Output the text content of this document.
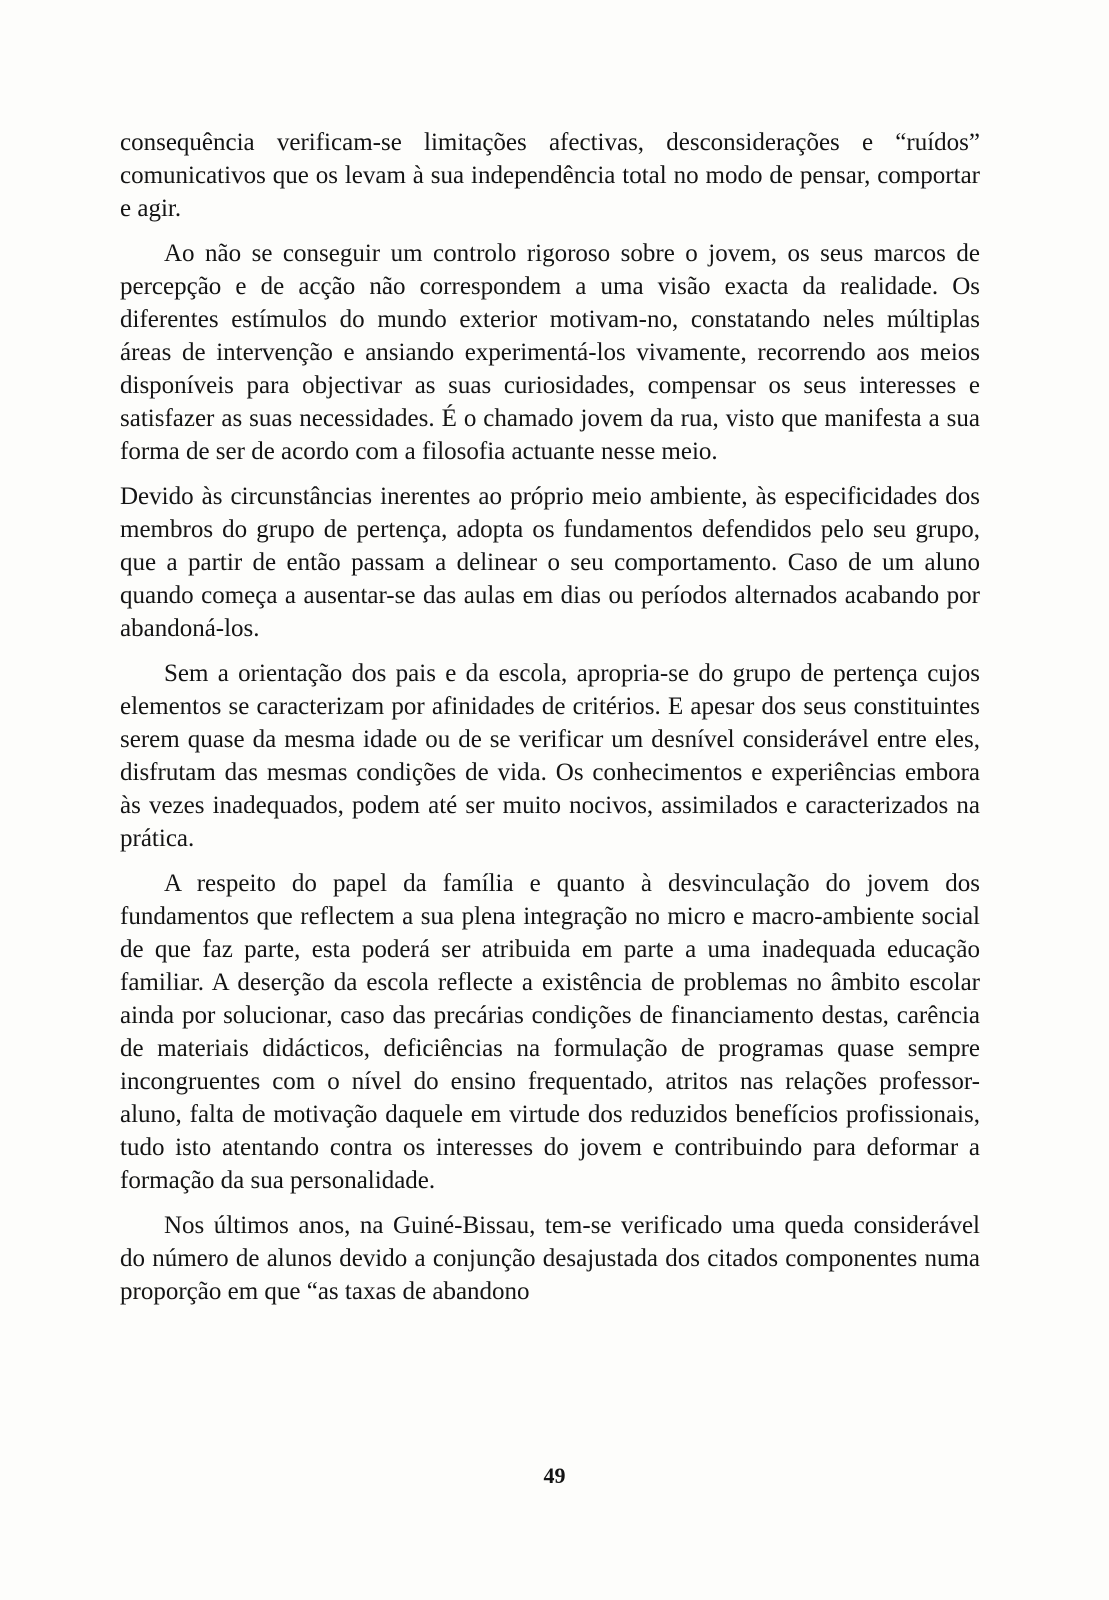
consequência verificam-se limitações afectivas, desconsiderações e “ruídos” comunicativos que os levam à sua independência total no modo de pensar, comportar e agir.

Ao não se conseguir um controlo rigoroso sobre o jovem, os seus marcos de percepção e de acção não correspondem a uma visão exacta da realidade. Os diferentes estímulos do mundo exterior motivam-no, constatando neles múltiplas áreas de intervenção e ansiando experimentá-los vivamente, recorrendo aos meios disponíveis para objectivar as suas curiosidades, compensar os seus interesses e satisfazer as suas necessidades. É o chamado jovem da rua, visto que manifesta a sua forma de ser de acordo com a filosofia actuante nesse meio.

Devido às circunstâncias inerentes ao próprio meio ambiente, às especificidades dos membros do grupo de pertença, adopta os fundamentos defendidos pelo seu grupo, que a partir de então passam a delinear o seu comportamento. Caso de um aluno quando começa a ausentar-se das aulas em dias ou períodos alternados acabando por abandoná-los.

Sem a orientação dos pais e da escola, apropria-se do grupo de pertença cujos elementos se caracterizam por afinidades de critérios. E apesar dos seus constituintes serem quase da mesma idade ou de se verificar um desnível considerável entre eles, disfrutam das mesmas condições de vida. Os conhecimentos e experiências embora às vezes inadequados, podem até ser muito nocivos, assimilados e caracterizados na prática.

A respeito do papel da família e quanto à desvinculação do jovem dos fundamentos que reflectem a sua plena integração no micro e macro-ambiente social de que faz parte, esta poderá ser atribuida em parte a uma inadequada educação familiar. A deserção da escola reflecte a existência de problemas no âmbito escolar ainda por solucionar, caso das precárias condições de financiamento destas, carência de materiais didácticos, deficiências na formulação de programas quase sempre incongruentes com o nível do ensino frequentado, atritos nas relações professor-aluno, falta de motivação daquele em virtude dos reduzidos benefícios profissionais, tudo isto atentando contra os interesses do jovem e contribuindo para deformar a formação da sua personalidade.

Nos últimos anos, na Guiné-Bissau, tem-se verificado uma queda considerável do número de alunos devido a conjunção desajustada dos citados componentes numa proporção em que “as taxas de abandono

49
